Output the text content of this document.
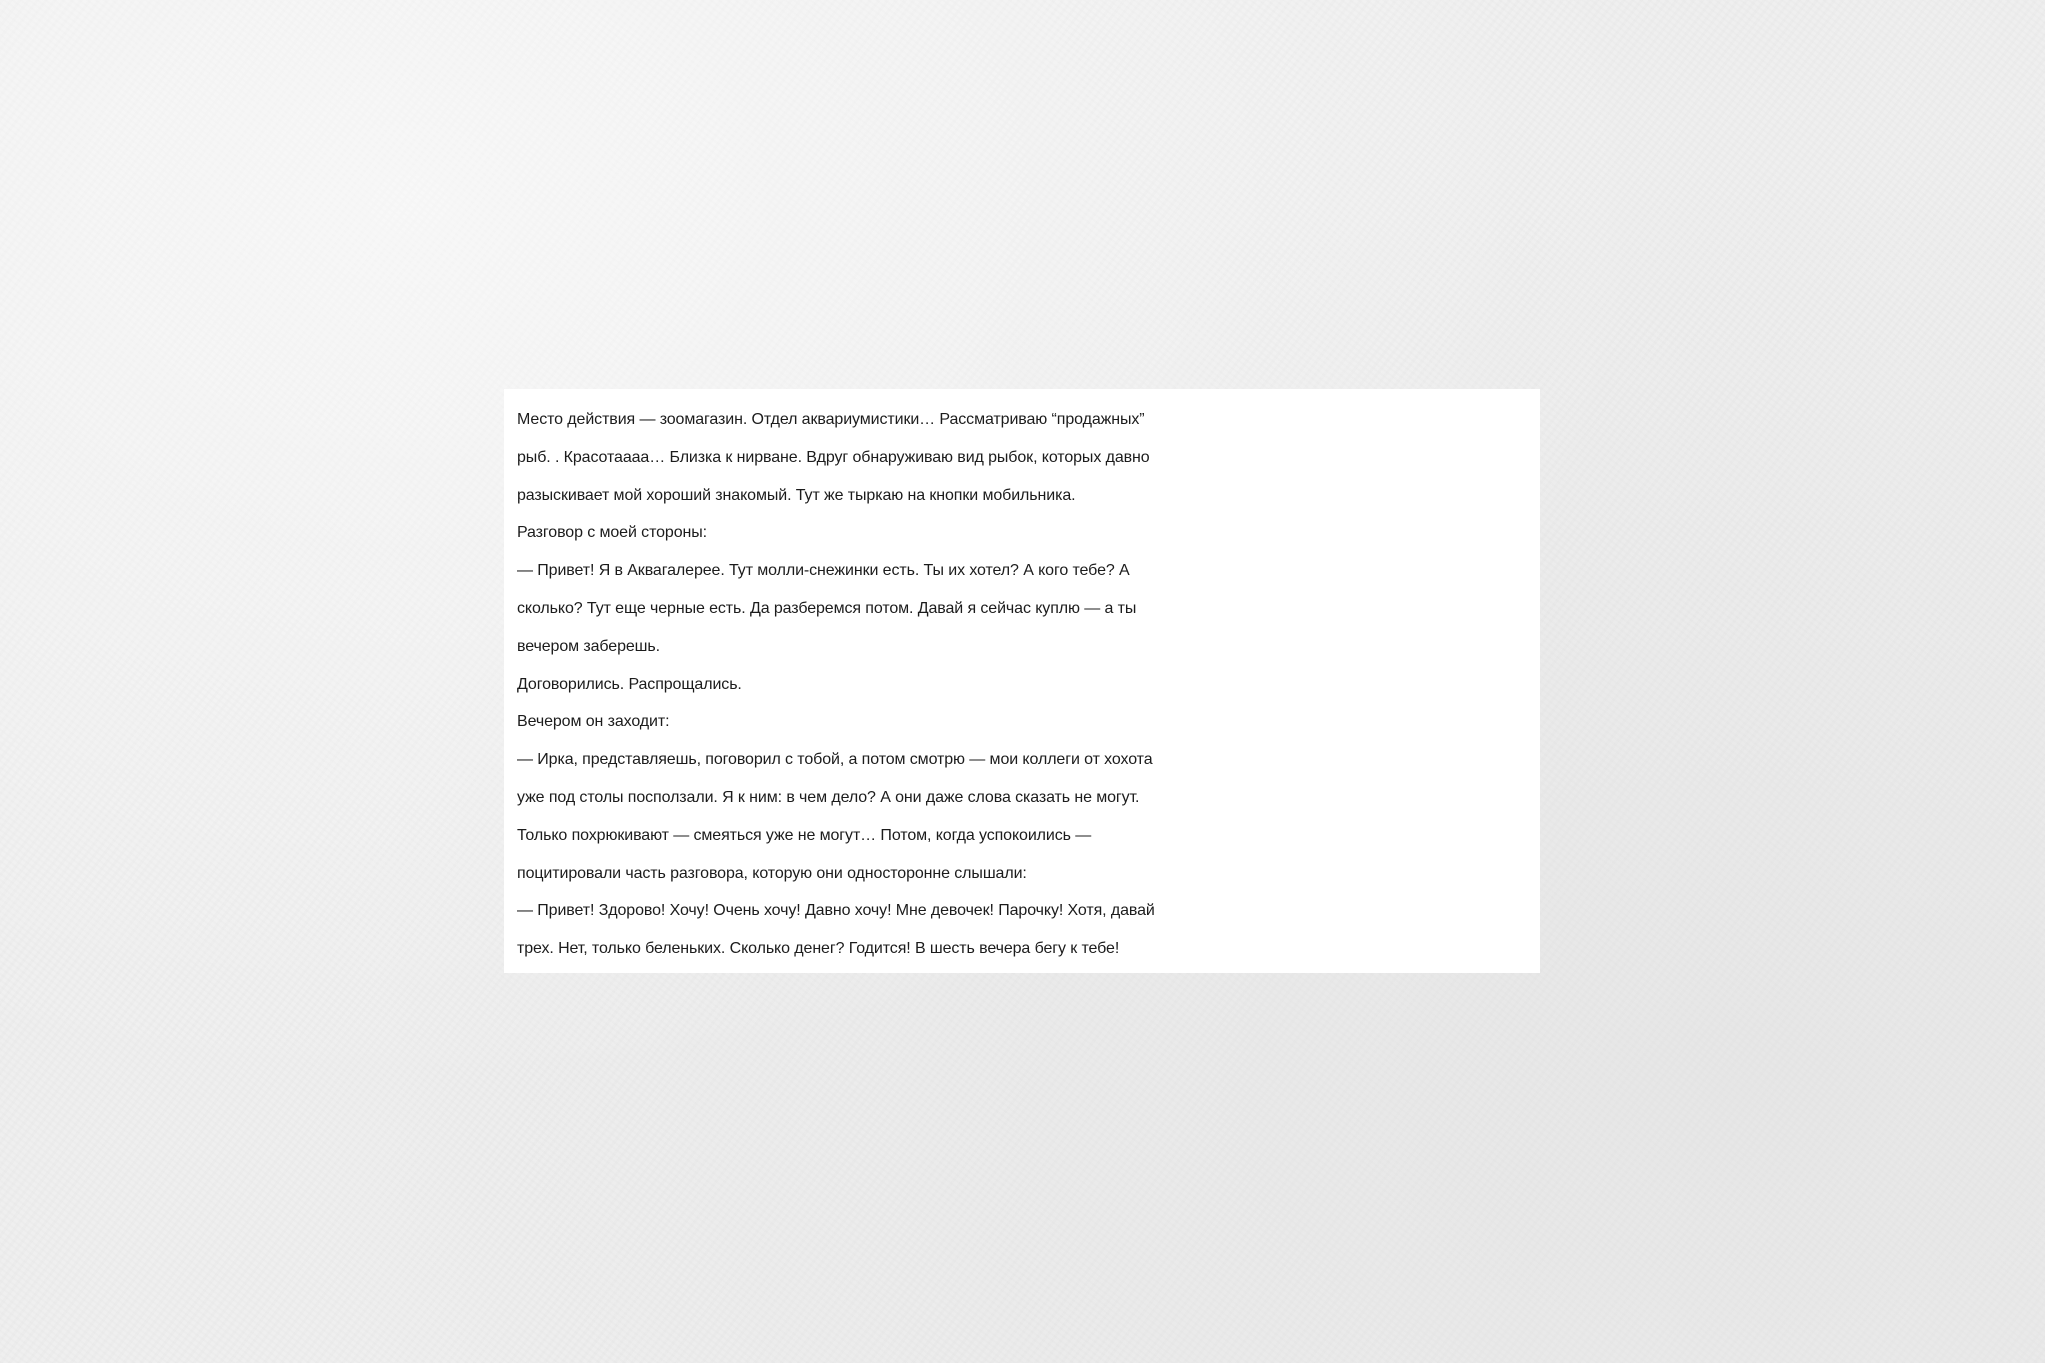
Место действия — зоомагазин. Отдел аквариумистики… Рассматриваю “продажных”
рыб. . Красотаааа… Близка к нирване. Вдруг обнаруживаю вид рыбок, которых давно
разыскивает мой хороший знакомый. Тут же тыркаю на кнопки мобильника.
Разговор с моей стороны:
— Привет! Я в Аквагалерее. Тут молли-снежинки есть. Ты их хотел? А кого тебе? А
сколько? Тут еще черные есть. Да разберемся потом. Давай я сейчас куплю — а ты
вечером заберешь.
Договорились. Распрощались.
Вечером он заходит:
— Ирка, представляешь, поговорил с тобой, а потом смотрю — мои коллеги от хохота
уже под столы посползали. Я к ним: в чем дело? А они даже слова сказать не могут.
Только похрюкивают — смеяться уже не могут… Потом, когда успокоились —
поцитировали часть разговора, которую они односторонне слышали:
— Привет! Здорово! Хочу! Очень хочу! Давно хочу! Мне девочек! Парочку! Хотя, давай
трех. Нет, только беленьких. Сколько денег? Годится! В шесть вечера бегу к тебе!
